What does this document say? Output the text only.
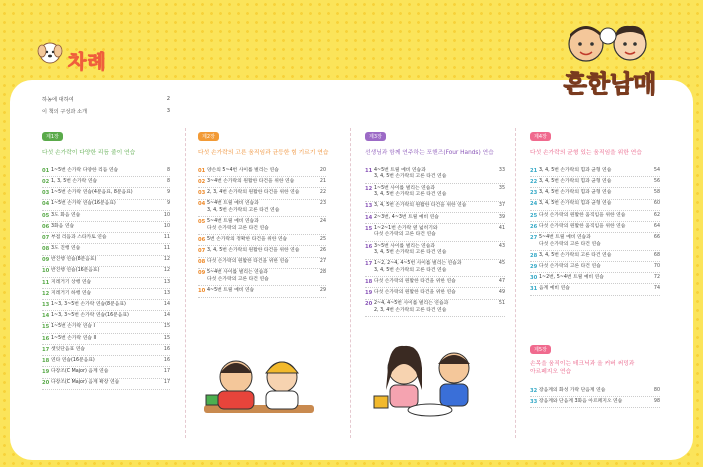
차례
흔한남매
하농에 대하여	2
이 책의 구성과 소개	3
제1장
다섯 손가락이 다양한 리듬 줄이 연습
01 1~5번 손가락 다양한 리듬 연습	8
02 1, 3, 5번 손가락 연습	8
03 1~5번 손가락 연습(4분음표, 8분음표)	9
04 1~5번 손가락 연습(16분음표)	9
05 3도 화음 연습	10
06 3화음 연습	10
07 부점 리듬과 스타카토 연습	11
08 3도 진행 연습	11
09 반진행 연습(8분음표)	12
10 반진행 연습(16분음표)	12
11 지레거기 상행 연습	13
12 지레거기 하행 연습	13
13 1~3, 3~5번 손가락 연습(8분음표)	14
14 1~3, 3~5번 손가락 연습(16분음표)	14
15 1~5번 손가락 연습 I	15
16 1~5번 손가락 연습 II	15
17 셋잇단음표 연습	16
18 연타 연습(16분음표)	16
19 다장조(C Major) 음계 연습	17
20 다장조(C Major) 음계 확장 연습	17
제2장
다섯 손가락의 고른 움직임과 균등한 힘 기르기 연습
01 양손의 5~4번 사이를 벌리는 연습	20
02 3~4번 손가락의 원활한 타건을 위한 연습	21
03 2, 3, 4번 손가락의 원활한 타건을 위한 연습	22
04 5~4번 트릴 예비 연습과
3, 4, 5번 손가락의 고른 타건 연습
23
05 5~4번 트릴 예비 연습과
다섯 손가락의 고른 타건 연습
24
06 5번 손가락의 정확한 타건을 위한 연습	25
07 3, 4, 5번 손가락의 원활한 타건을 위한 연습	26
08 다섯 손가락의 원활한 타건을 위한 연습	27
09 5~4번 사이를 벌리는 연습과
다섯 손가락의 고른 타건 연습
28
10 4~5번 트릴 예비 연습	29
제3장
선생님과 함께 연주하는 포핸즈(Four Hands) 연습
11 4~5번 트릴 예비 연습과
3, 4, 5번 손가락의 고른 타건 연습
33
12 1~5번 사이를 벌리는 연습과
3, 4, 5번 손가락의 고른 타건 연습
35
13 3, 4, 5번 손가락의 원활한 타건을 위한 연습	37
14 2~3번, 4~3번 트릴 예비 연습	39
15 1~2~1번 손가락 옆 넓히기와
다섯 손가락의 고른 타건 연습
41
16 3~5번 사이를 벌리는 연습과
3, 4, 5번 손가락의 고른 타건 연습
43
17 1~2, 2~4, 4~5번 사이를 벌리는 연습과
3, 4, 5번 손가락의 고른 타건 연습
45
18 다섯 손가락의 원활한 타건을 위한 연습	47
19 다섯 손가락의 원활한 타건을 위한 연습	49
20 2~4, 4~5번 사이를 벌리는 연습과
2, 3, 4번 손가락의 고른 타건 연습
51
제4장
다섯 손가락의 균형 있는 움직임을 위한 연습
21 3, 4, 5번 손가락의 힘과 균형 연습	54
22 3, 4, 5번 손가락의 힘과 균형 연습	56
23 3, 4, 5번 손가락의 힘과 균형 연습	58
24 3, 4, 5번 손가락의 힘과 균형 연습	60
25 다섯 손가락의 원활한 움직임을 위한 연습	62
26 다섯 손가락의 원활한 움직임을 위한 연습	64
27 5~4번 트릴 예비 연습과
다섯 손가락의 고른 타건 연습
66
28 3, 4, 5번 손가락의 고른 타건 연습	68
29 다섯 손가락의 고른 타건 연습	70
30 1~2번, 5~4번 트릴 예비 연습	72
31 음계 예비 연습	74
제5장
손목을 움직이는 테크닉과 올 커버 써밍과
아르페지오 연습
32 장음계의 화성 가락 단음계 연습	80
33 장음계와 단음계 3화음 아르페지오 연습	98
